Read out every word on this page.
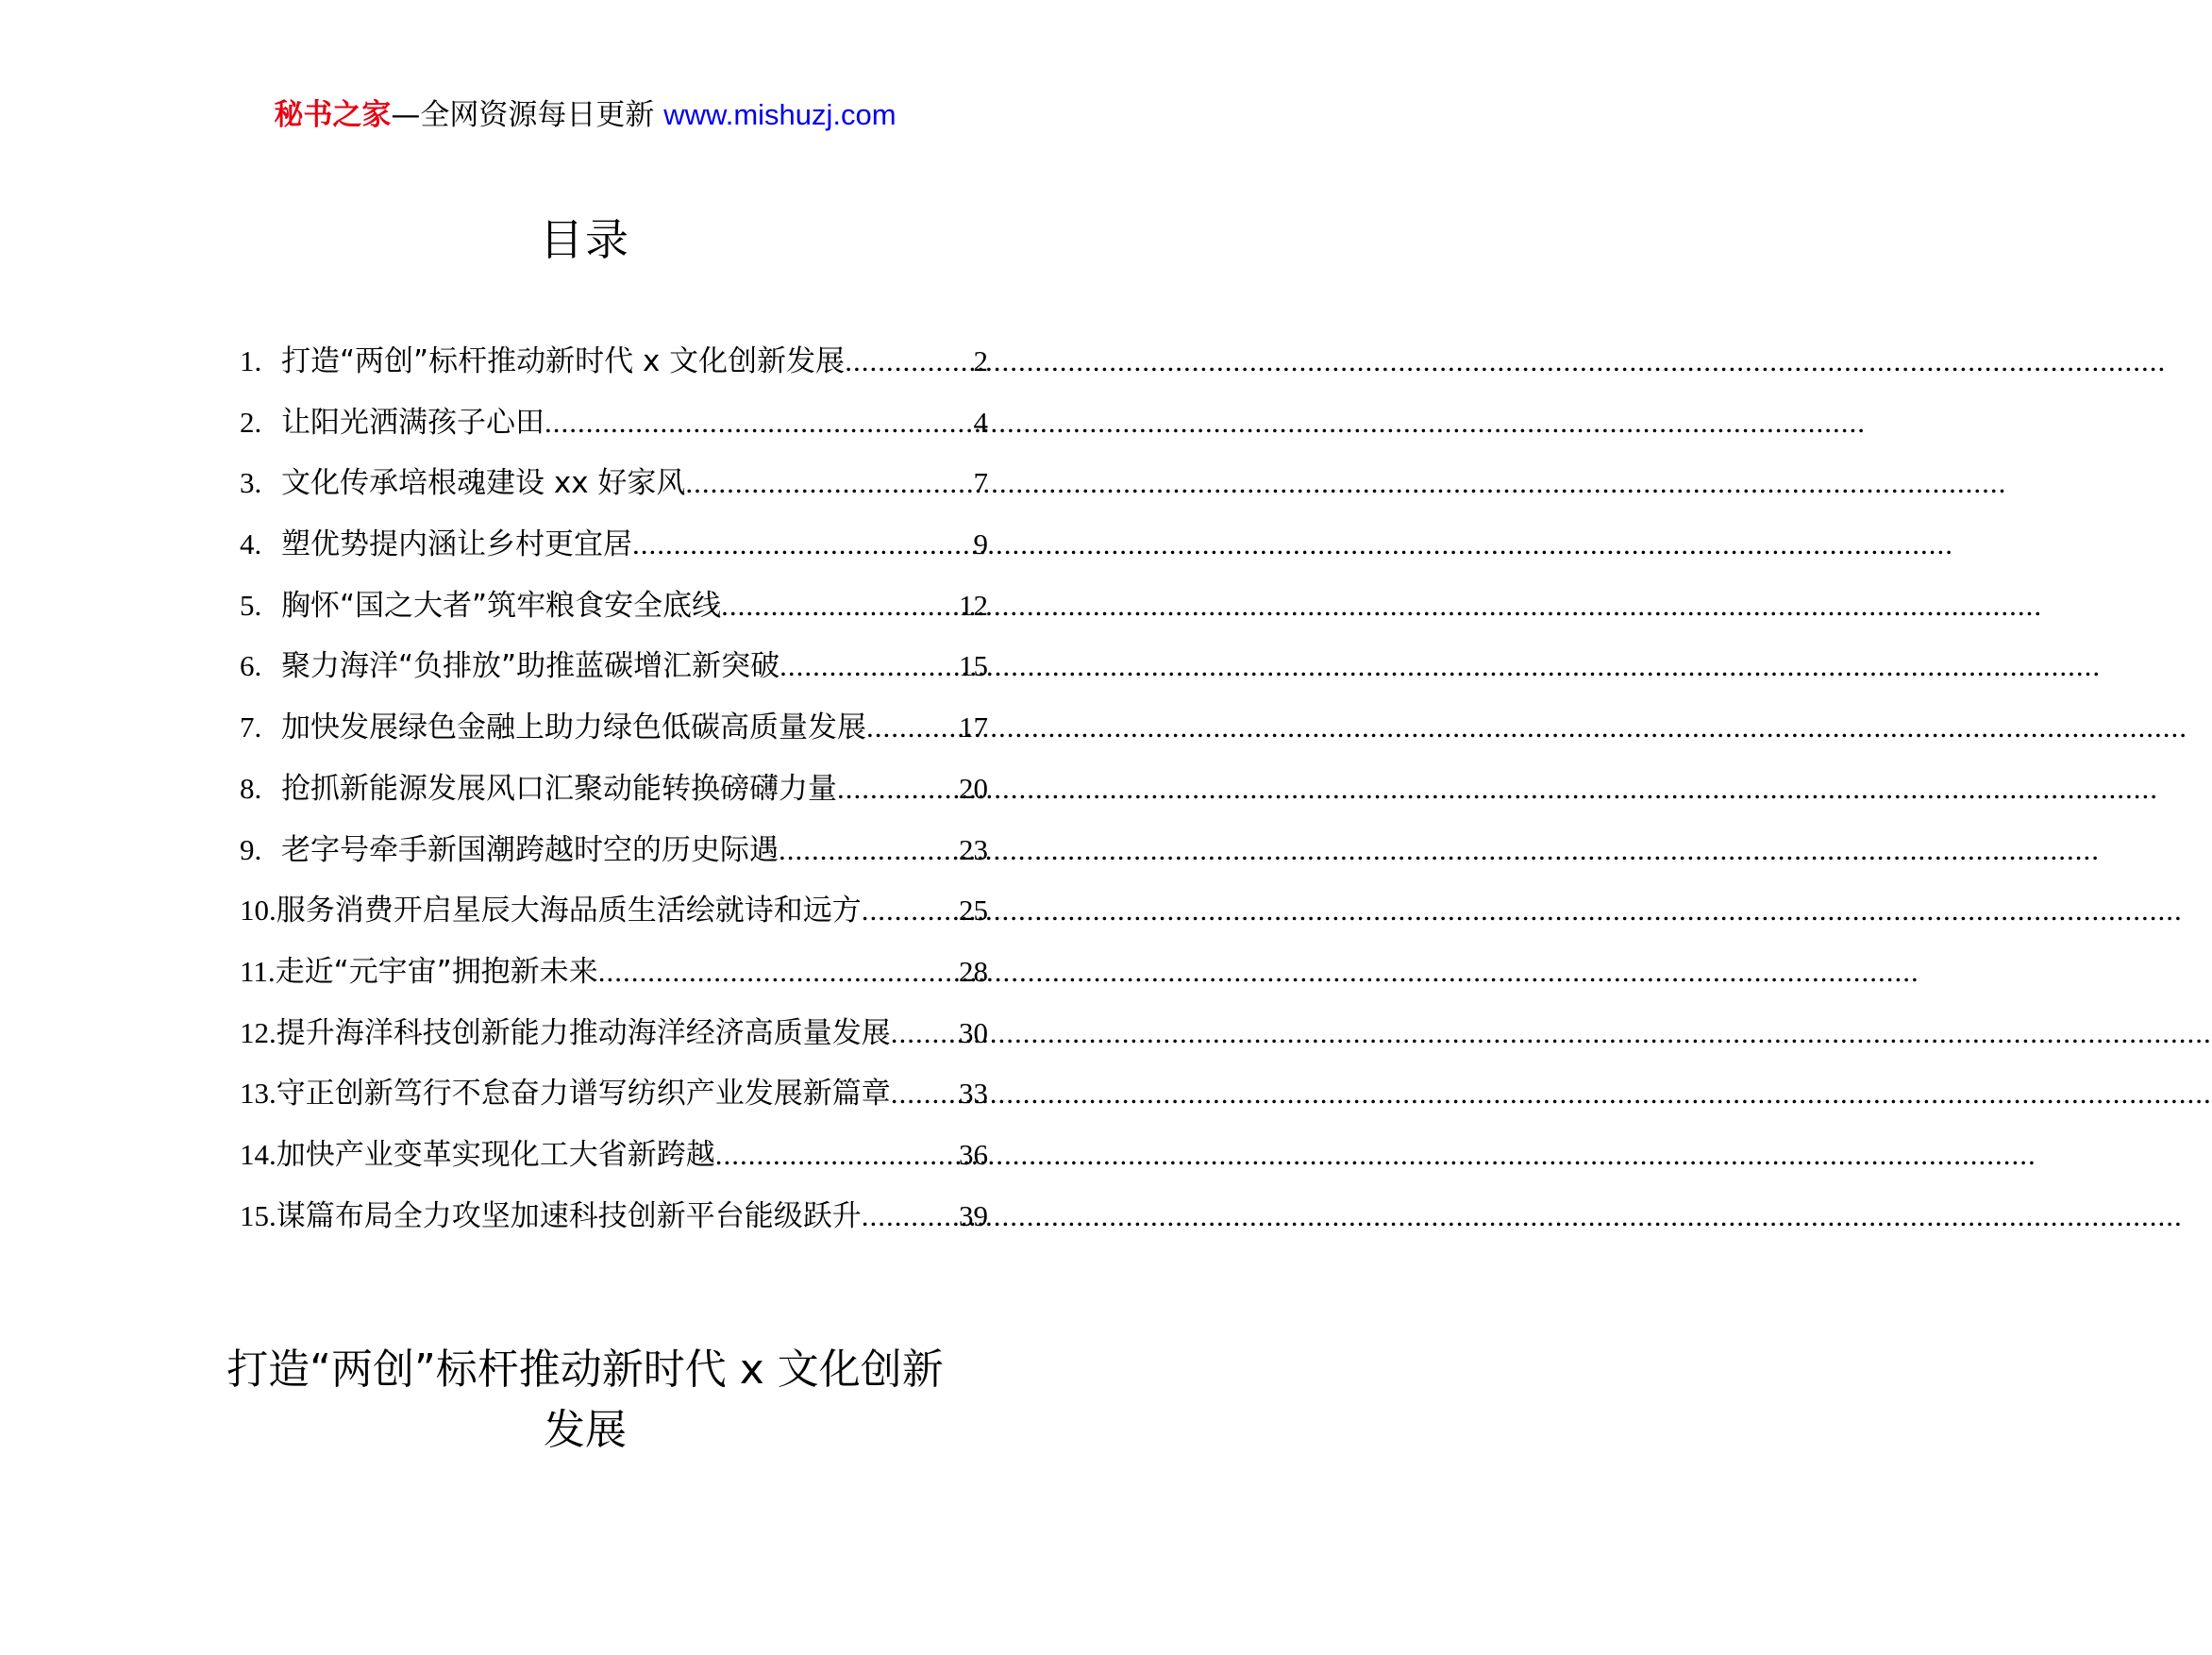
秘书之家—全网资源每日更新 www.mishuzj.com
目录
1. 打造“两创”标杆推动新时代 x 文化创新发展 .....	2
2. 让阳光洒满孩子心田 .....	4
3. 文化传承培根魂建设 xx 好家风 .....	7
4. 塑优势提内涵让乡村更宜居 .....	9
5. 胸怀“国之大者”筑牢粮食安全底线 .....	12
6. 聚力海洋“负排放”助推蓝碳增汇新突破 .....	15
7. 加快发展绿色金融上助力绿色低碳高质量发展 .....	17
8. 抢抓新能源发展风口汇聚动能转换磅礴力量 .....	20
9. 老字号牵手新国潮跨越时空的历史际遇 .....	23
10. 服务消费开启星辰大海品质生活绘就诗和远方 .....	25
11. 走近“元宇宙”拥抱新未来 .....	28
12. 提升海洋科技创新能力推动海洋经济高质量发展 ..... 30
13. 守正创新笃行不怠奋力谱写纺织产业发展新篇章 ..... 33
14. 加快产业变革实现化工大省新跨越 .....	36
15. 谋篇布局全力攻坚加速科技创新平台能级跃升 .....	39
打造“两创”标杆推动新时代 x 文化创新
发展
